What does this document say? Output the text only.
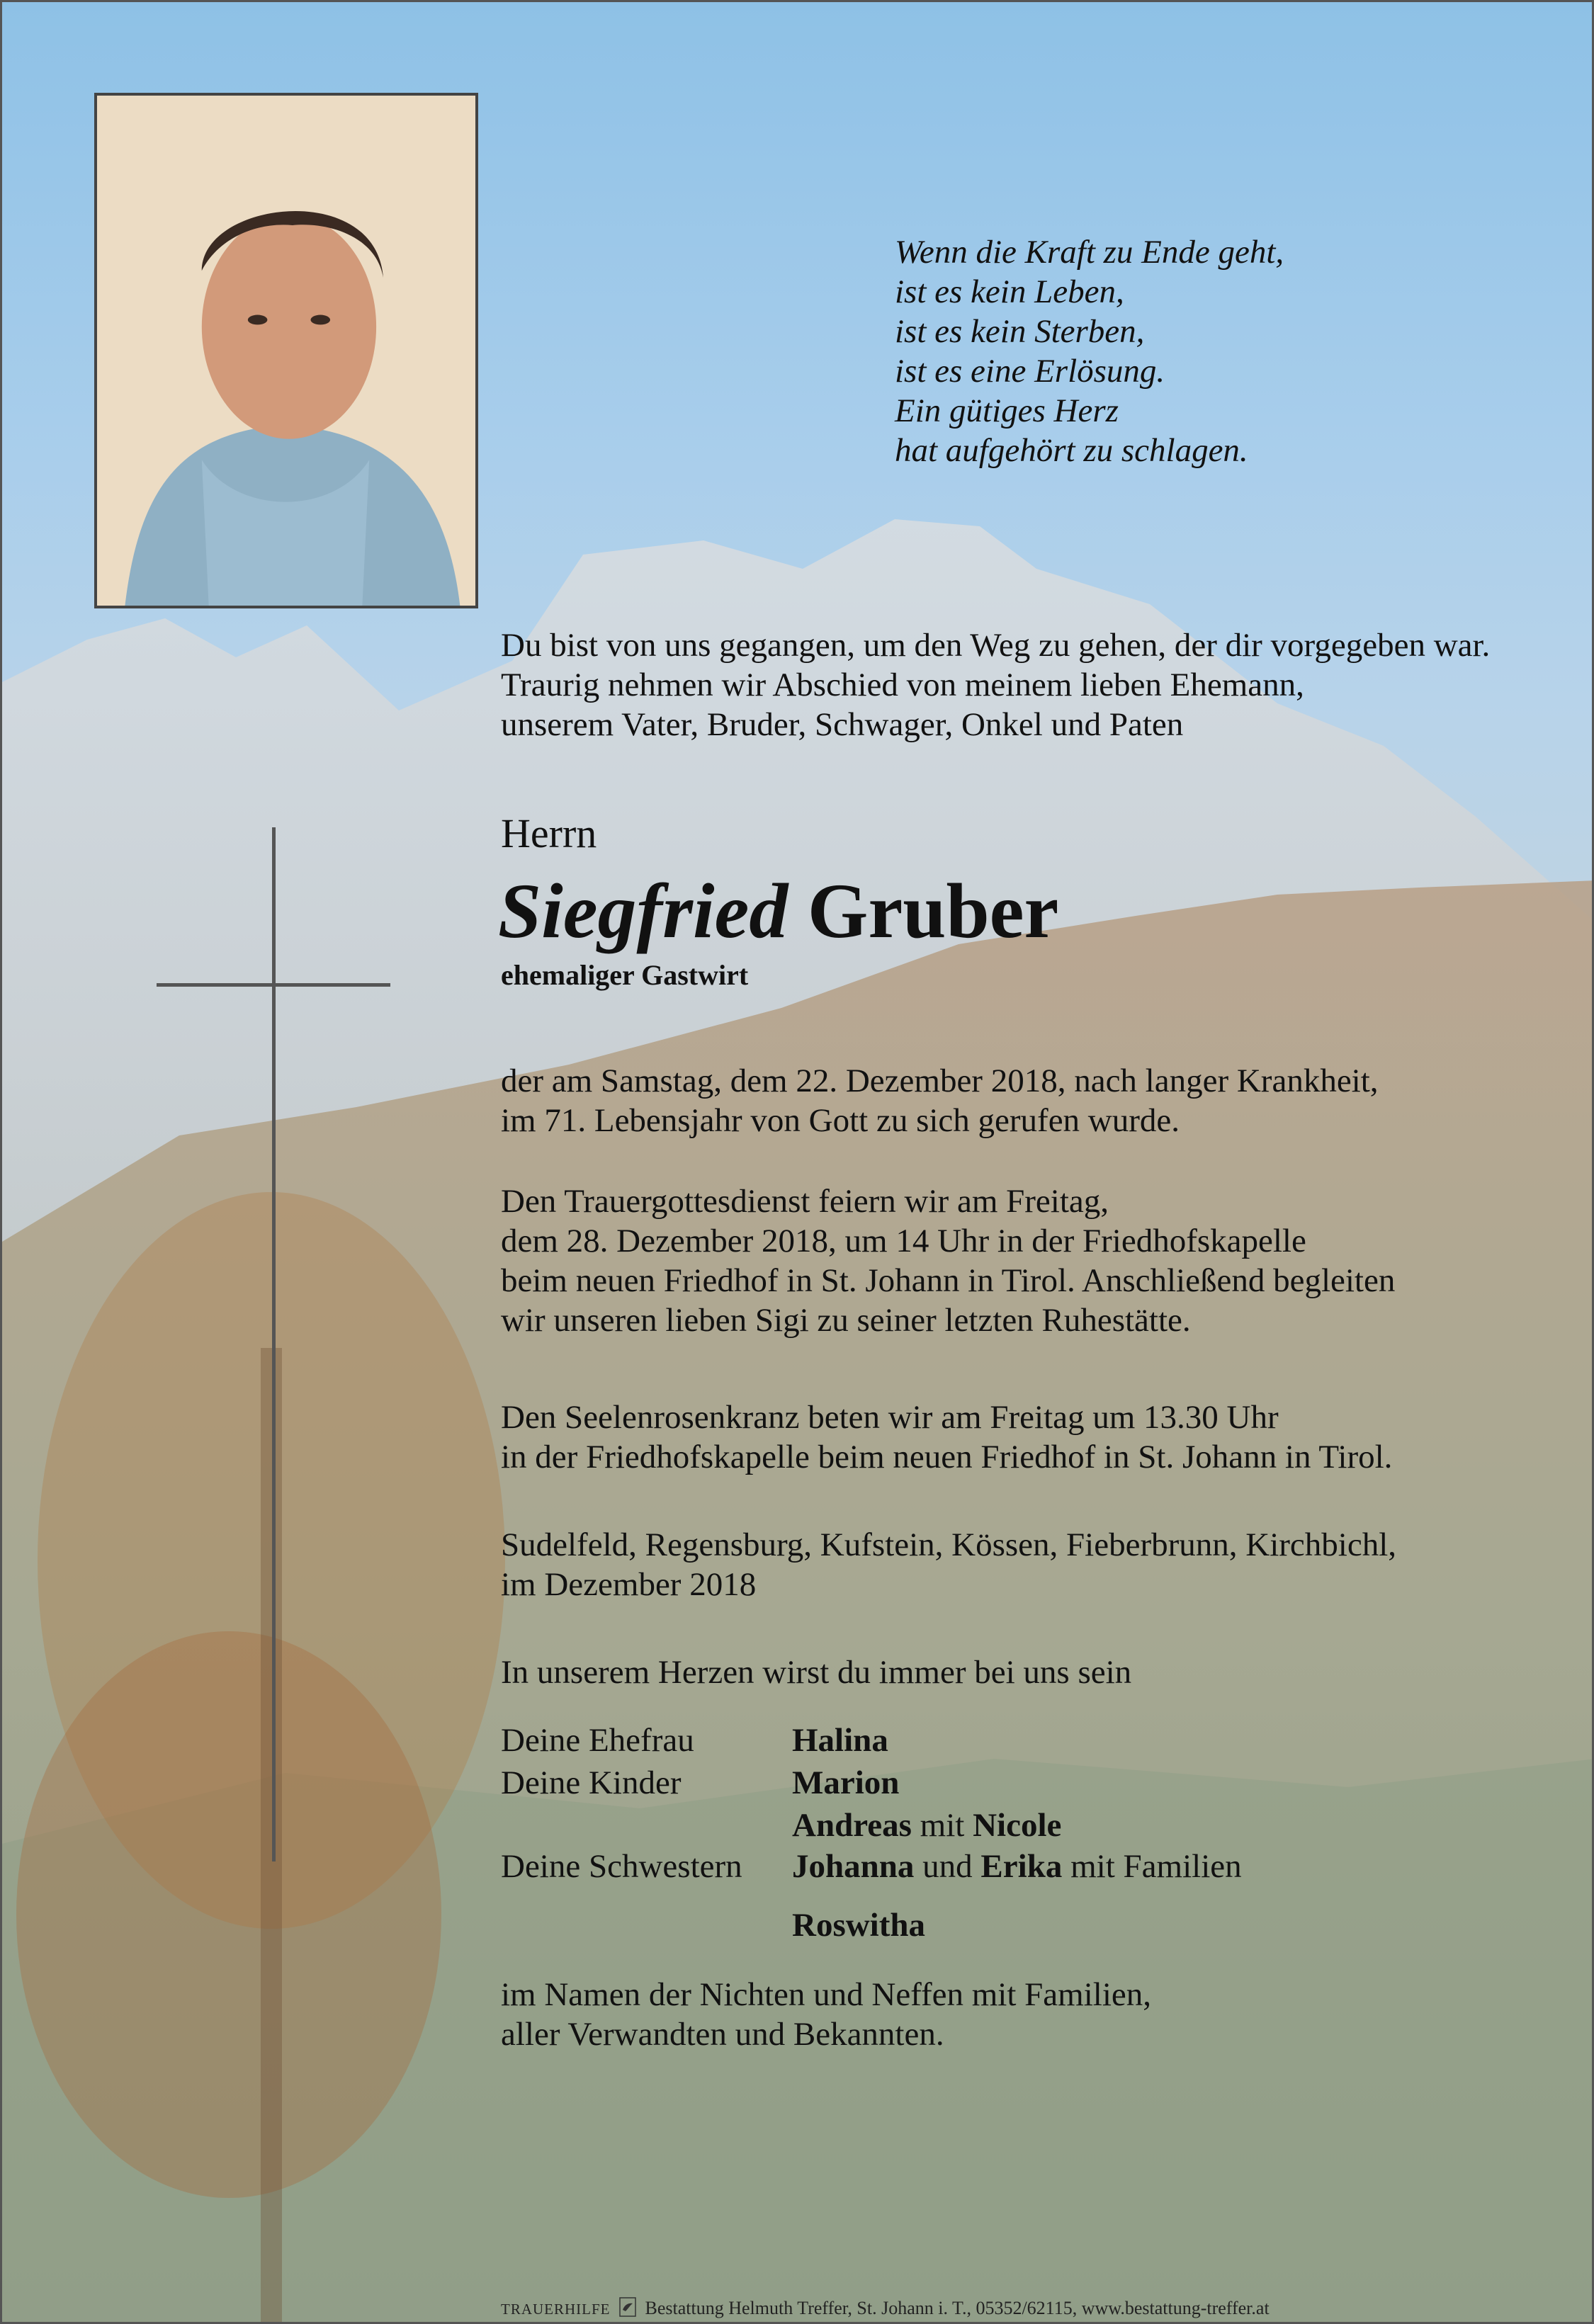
Wenn die Kraft zu Ende geht,
ist es kein Leben,
ist es kein Sterben,
ist es eine Erlösung.
Ein gütiges Herz
hat aufgehört zu schlagen.
Du bist von uns gegangen, um den Weg zu gehen, der dir vorgegeben war.
Traurig nehmen wir Abschied von meinem lieben Ehemann,
unserem Vater, Bruder, Schwager, Onkel und Paten
Herrn
Siegfried Gruber
ehemaliger Gastwirt
der am Samstag, dem 22. Dezember 2018, nach langer Krankheit,
im 71. Lebensjahr von Gott zu sich gerufen wurde.
Den Trauergottesdienst feiern wir am Freitag,
dem 28. Dezember 2018, um 14 Uhr in der Friedhofskapelle
beim neuen Friedhof in St. Johann in Tirol. Anschließend begleiten
wir unseren lieben Sigi zu seiner letzten Ruhestätte.
Den Seelenrosenkranz beten wir am Freitag um 13.30 Uhr
in der Friedhofskapelle beim neuen Friedhof in St. Johann in Tirol.
Sudelfeld, Regensburg, Kufstein, Kössen, Fieberbrunn, Kirchbichl,
im Dezember 2018
In unserem Herzen wirst du immer bei uns sein
Deine Ehefrau	Halina
Deine Kinder	Marion
Andreas mit Nicole
Deine Schwestern Johanna und Erika mit Familien
Roswitha
im Namen der Nichten und Neffen mit Familien,
aller Verwandten und Bekannten.
TRAUERHILFE Bestattung Helmuth Treffer, St. Johann i. T., 05352/62115, www.bestattung-treffer.at
